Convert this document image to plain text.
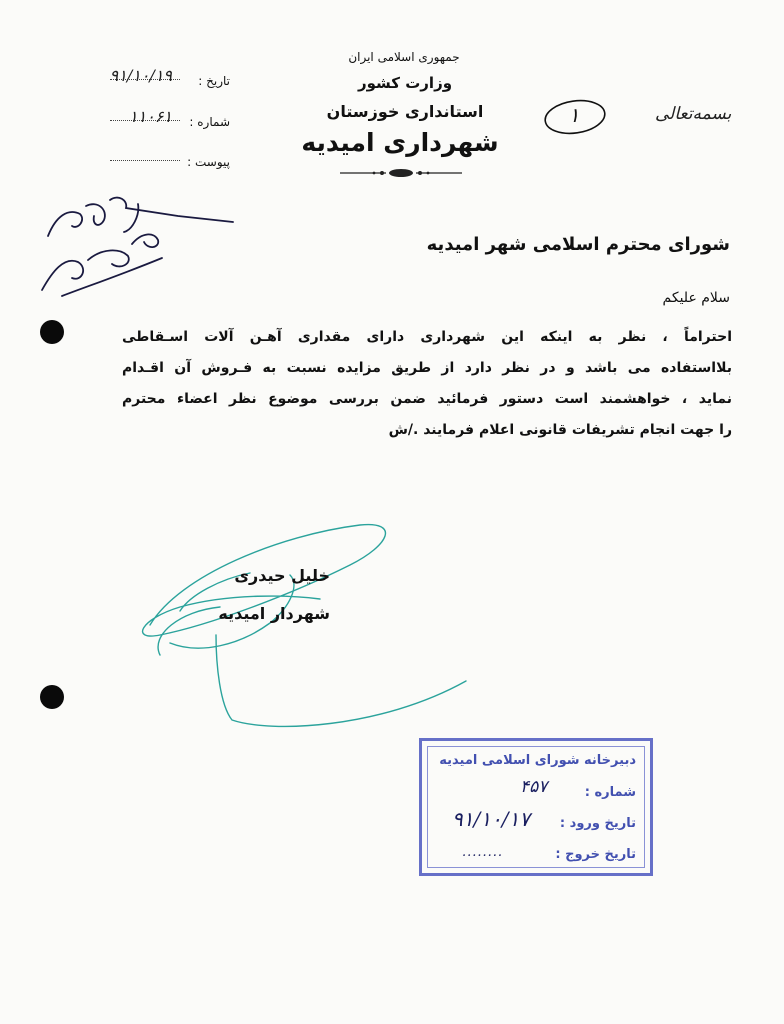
جمهوری اسلامی ایران
وزارت کشور
استانداری خوزستان
شهرداری امیدیه
تاریخ :
۹۱/۱۰/۱۹
شماره :
۱۱۰۶۱
پیوست :
بسمه‌تعالی
۱
شورای محترم اسلامی شهر امیدیه
سلام علیکم
احتراماً ، نظر به اینکه این شهرداری دارای مقداری آهـن آلات اسـقاطی
بلااستفاده می باشد و در نظر دارد از طریق مزایده نسبت به فـروش آن اقـدام
نماید ، خواهشمند است دستور فرمائید ضمن بررسی موضوع نظر اعضاء محترم
را جهت انجام تشریفات قانونی اعلام فرمایند ./ش
خلیل حیدری
شهردار امیدیه
دبیرخانه شورای اسلامی امیدیه
شماره :
۴۵۷
تاریخ ورود :
۹۱/۱۰/۱۷
تاریخ خروج :
........
